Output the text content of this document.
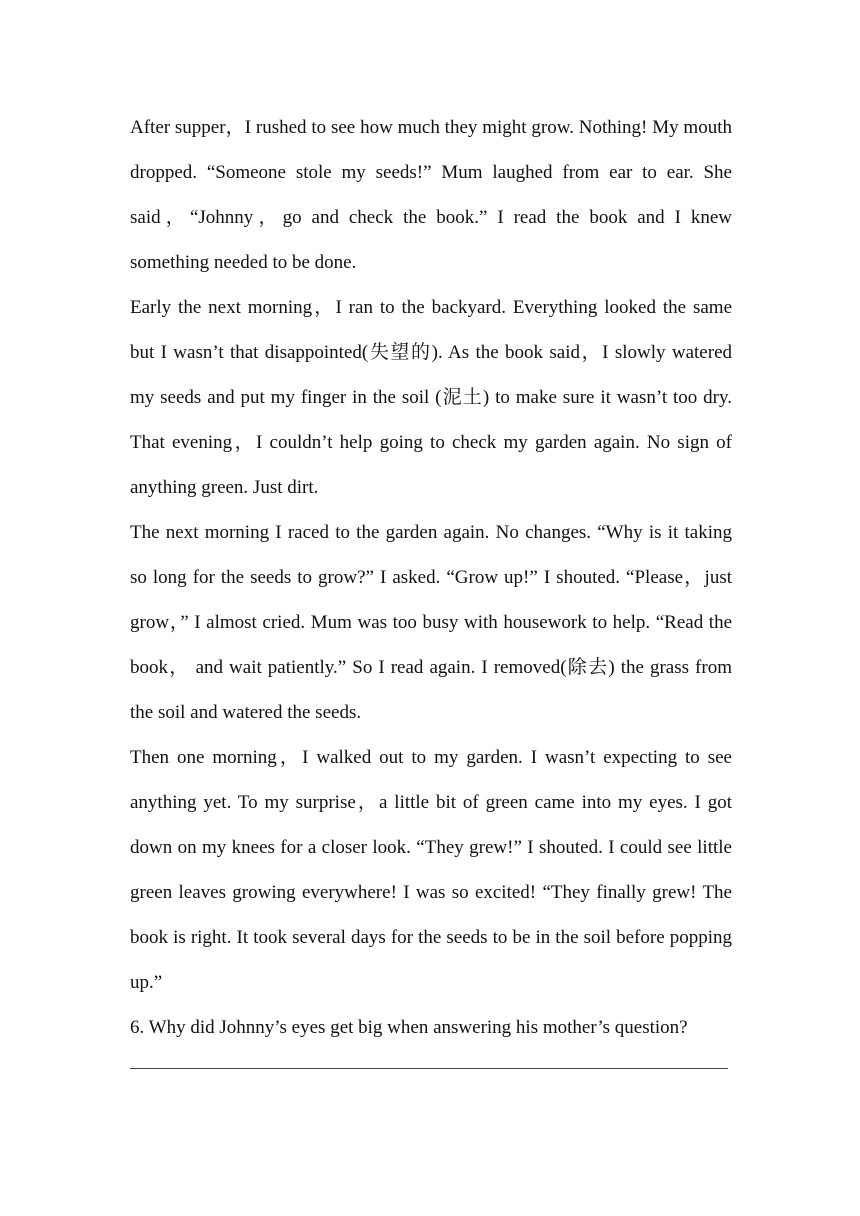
After supper，I rushed to see how much they might grow. Nothing! My mouth dropped. “Someone stole my seeds!” Mum laughed from ear to ear. She said，“Johnny，go and check the book.” I read the book and I knew something needed to be done.

Early the next morning，I ran to the backyard. Everything looked the same but I wasn’t that disappointed(失望的). As the book said，I slowly watered my seeds and put my finger in the soil (泥土) to make sure it wasn’t too dry. That evening，I couldn’t help going to check my garden again. No sign of anything green. Just dirt.

The next morning I raced to the garden again. No changes. “Why is it taking so long for the seeds to grow?” I asked. “Grow up!” I shouted. “Please，just grow，” I almost cried. Mum was too busy with housework to help. “Read the book， and wait patiently.” So I read again. I removed(除去) the grass from the soil and watered the seeds.

Then one morning，I walked out to my garden. I wasn’t expecting to see anything yet. To my surprise，a little bit of green came into my eyes. I got down on my knees for a closer look. “They grew!” I shouted. I could see little green leaves growing everywhere! I was so excited! “They finally grew! The book is right. It took several days for the seeds to be in the soil before popping up.”

6. Why did Johnny’s eyes get big when answering his mother’s question?
